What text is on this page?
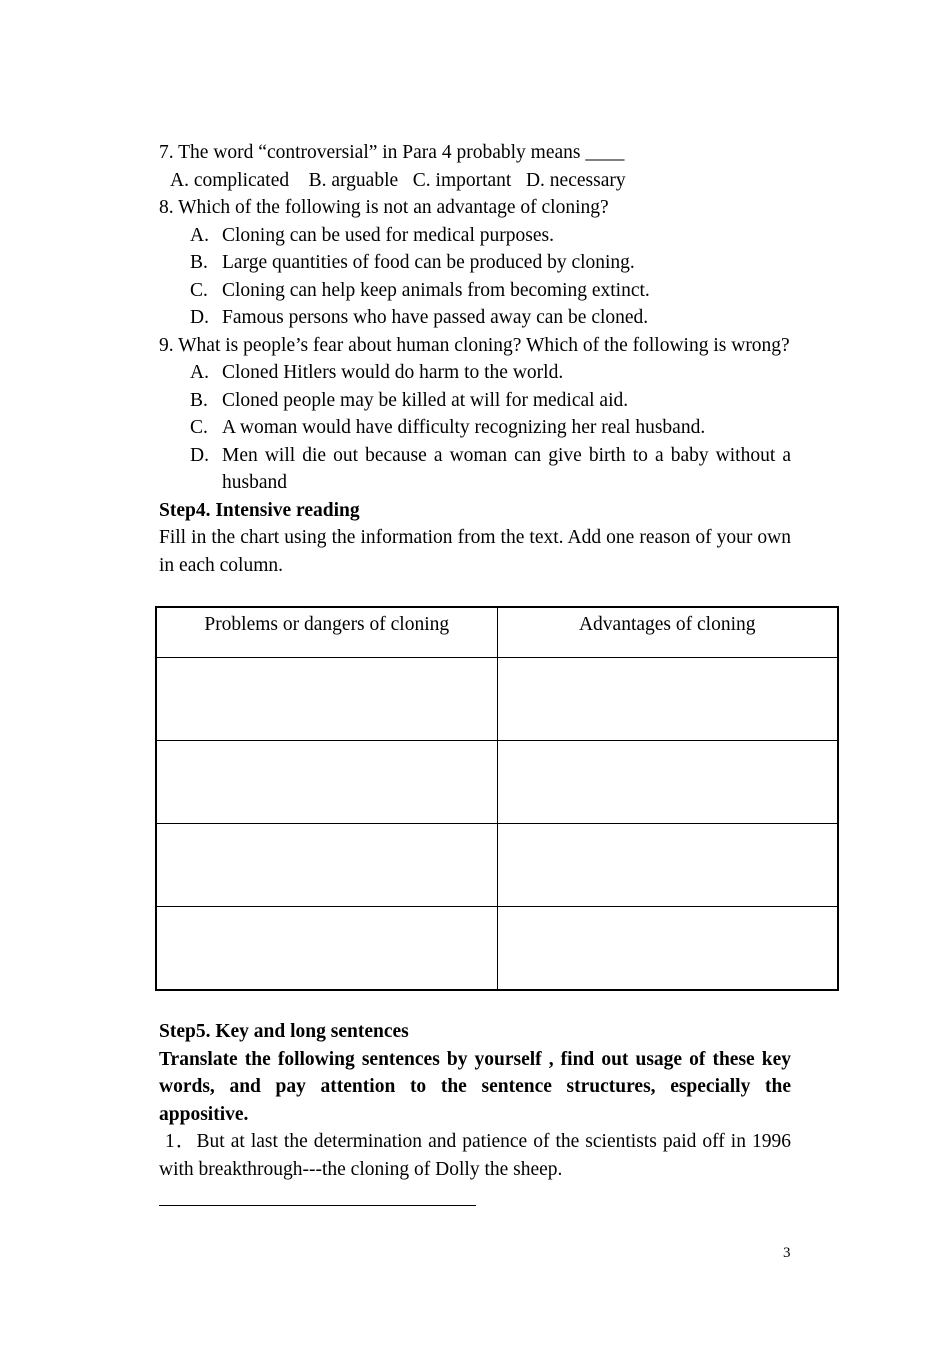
7. The word “controversial” in Para 4 probably means ____
A. complicated    B. arguable   C. important   D. necessary
8. Which of the following is not an advantage of cloning?
A. Cloning can be used for medical purposes.
B. Large quantities of food can be produced by cloning.
C. Cloning can help keep animals from becoming extinct.
D. Famous persons who have passed away can be cloned.
9. What is people’s fear about human cloning? Which of the following is wrong?
A. Cloned Hitlers would do harm to the world.
B. Cloned people may be killed at will for medical aid.
C. A woman would have difficulty recognizing her real husband.
D. Men will die out because a woman can give birth to a baby without a husband
Step4. Intensive reading
Fill in the chart using the information from the text. Add one reason of your own in each column.
Problems or dangers of cloning	Advantages of cloning

Step5. Key and long sentences
Translate the following sentences by yourself , find out usage of these key words, and pay attention to the sentence structures, especially the appositive.
1．But at last the determination and patience of the scientists paid off in 1996 with breakthrough---the cloning of Dolly the sheep.
3
